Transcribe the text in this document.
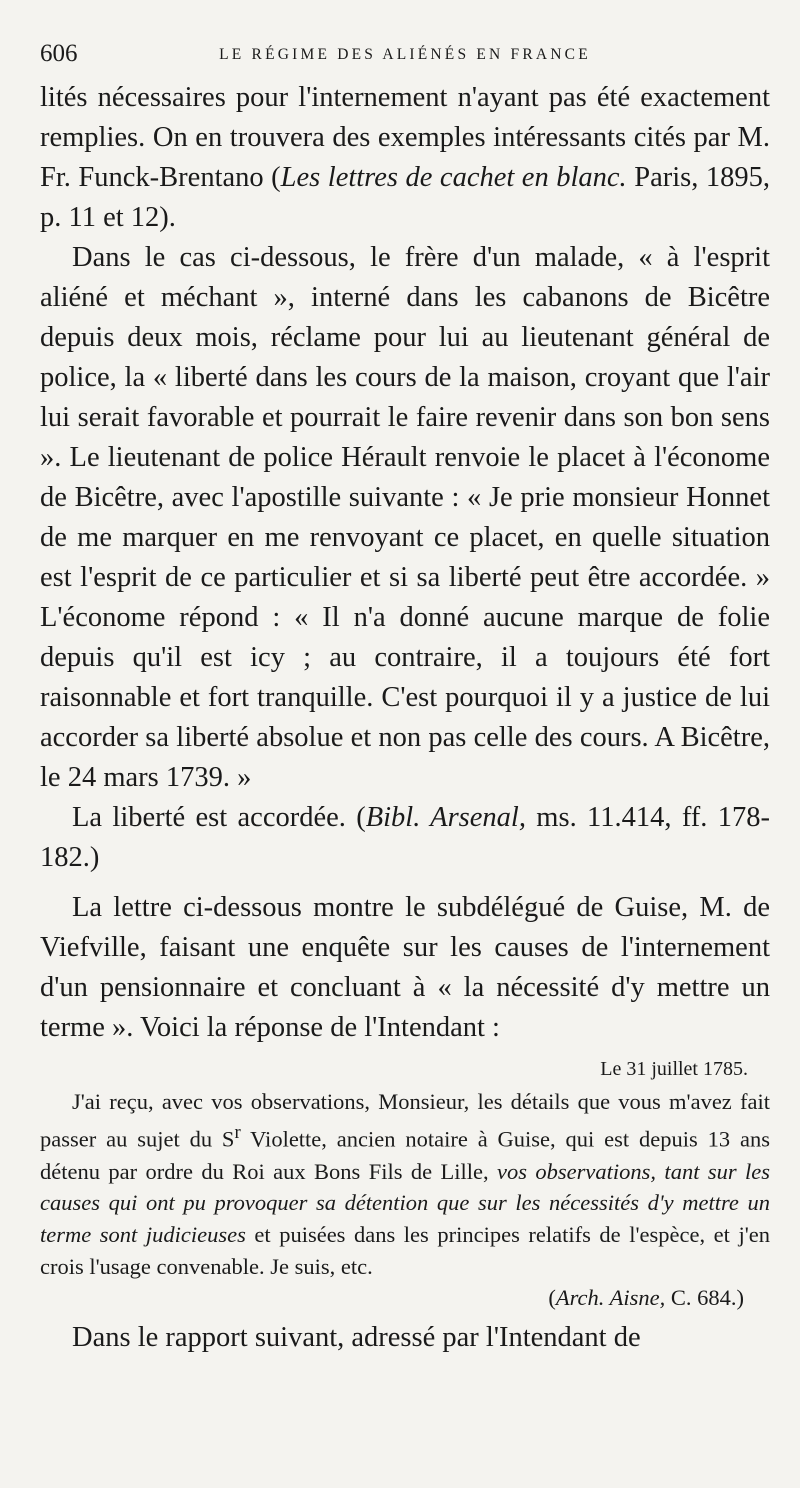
606	LE RÉGIME DES ALIÉNÉS EN FRANCE

lités nécessaires pour l'internement n'ayant pas été exactement remplies. On en trouvera des exemples intéressants cités par M. Fr. Funck-Brentano (Les lettres de cachet en blanc. Paris, 1895, p. 11 et 12).

Dans le cas ci-dessous, le frère d'un malade, « à l'esprit aliéné et méchant », interné dans les cabanons de Bicêtre depuis deux mois, réclame pour lui au lieutenant général de police, la « liberté dans les cours de la maison, croyant que l'air lui serait favorable et pourrait le faire revenir dans son bon sens ». Le lieutenant de police Hérault renvoie le placet à l'économe de Bicêtre, avec l'apostille suivante : « Je prie monsieur Honnet de me marquer en me renvoyant ce placet, en quelle situation est l'esprit de ce particulier et si sa liberté peut être accordée. » L'économe répond : « Il n'a donné aucune marque de folie depuis qu'il est icy ; au contraire, il a toujours été fort raisonnable et fort tranquille. C'est pourquoi il y a justice de lui accorder sa liberté absolue et non pas celle des cours. A Bicêtre, le 24 mars 1739. »

La liberté est accordée. (Bibl. Arsenal, ms. 11.414, ff. 178-182.)

La lettre ci-dessous montre le subdélégué de Guise, M. de Viefville, faisant une enquête sur les causes de l'internement d'un pensionnaire et concluant à « la nécessité d'y mettre un terme ». Voici la réponse de l'Intendant :

Le 31 juillet 1785.

J'ai reçu, avec vos observations, Monsieur, les détails que vous m'avez fait passer au sujet du $S^r$ Violette, ancien notaire à Guise, qui est depuis 13 ans détenu par ordre du Roi aux Bons Fils de Lille, vos observations, tant sur les causes qui ont pu provoquer sa détention que sur les nécessités d'y mettre un terme sont judicieuses et puisées dans les principes relatifs de l'espèce, et j'en crois l'usage convenable. Je suis, etc.

(Arch. Aisne, C. 684.)

Dans le rapport suivant, adressé par l'Intendant de
